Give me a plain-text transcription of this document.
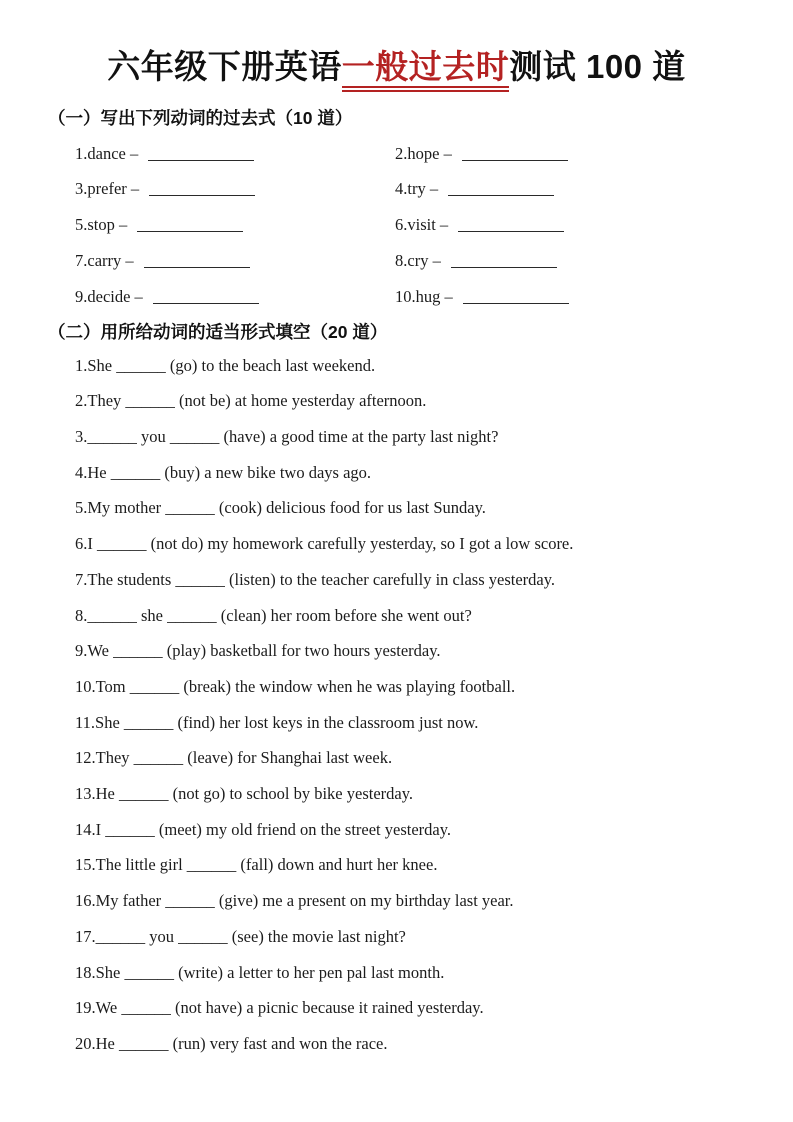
六年级下册英语一般过去时测试 100 道
（一）写出下列动词的过去式（10 道）
1.dance –	2.hope –
3.prefer –	4.try –
5.stop –	6.visit –
7.carry –	8.cry –
9.decide –	10.hug –
（二）用所给动词的适当形式填空（20 道）
1.She ______ (go) to the beach last weekend.
2.They ______ (not be) at home yesterday afternoon.
3.______ you ______ (have) a good time at the party last night?
4.He ______ (buy) a new bike two days ago.
5.My mother ______ (cook) delicious food for us last Sunday.
6.I ______ (not do) my homework carefully yesterday, so I got a low score.
7.The students ______ (listen) to the teacher carefully in class yesterday.
8.______ she ______ (clean) her room before she went out?
9.We ______ (play) basketball for two hours yesterday.
10.Tom ______ (break) the window when he was playing football.
11.She ______ (find) her lost keys in the classroom just now.
12.They ______ (leave) for Shanghai last week.
13.He ______ (not go) to school by bike yesterday.
14.I ______ (meet) my old friend on the street yesterday.
15.The little girl ______ (fall) down and hurt her knee.
16.My father ______ (give) me a present on my birthday last year.
17.______ you ______ (see) the movie last night?
18.She ______ (write) a letter to her pen pal last month.
19.We ______ (not have) a picnic because it rained yesterday.
20.He ______ (run) very fast and won the race.
